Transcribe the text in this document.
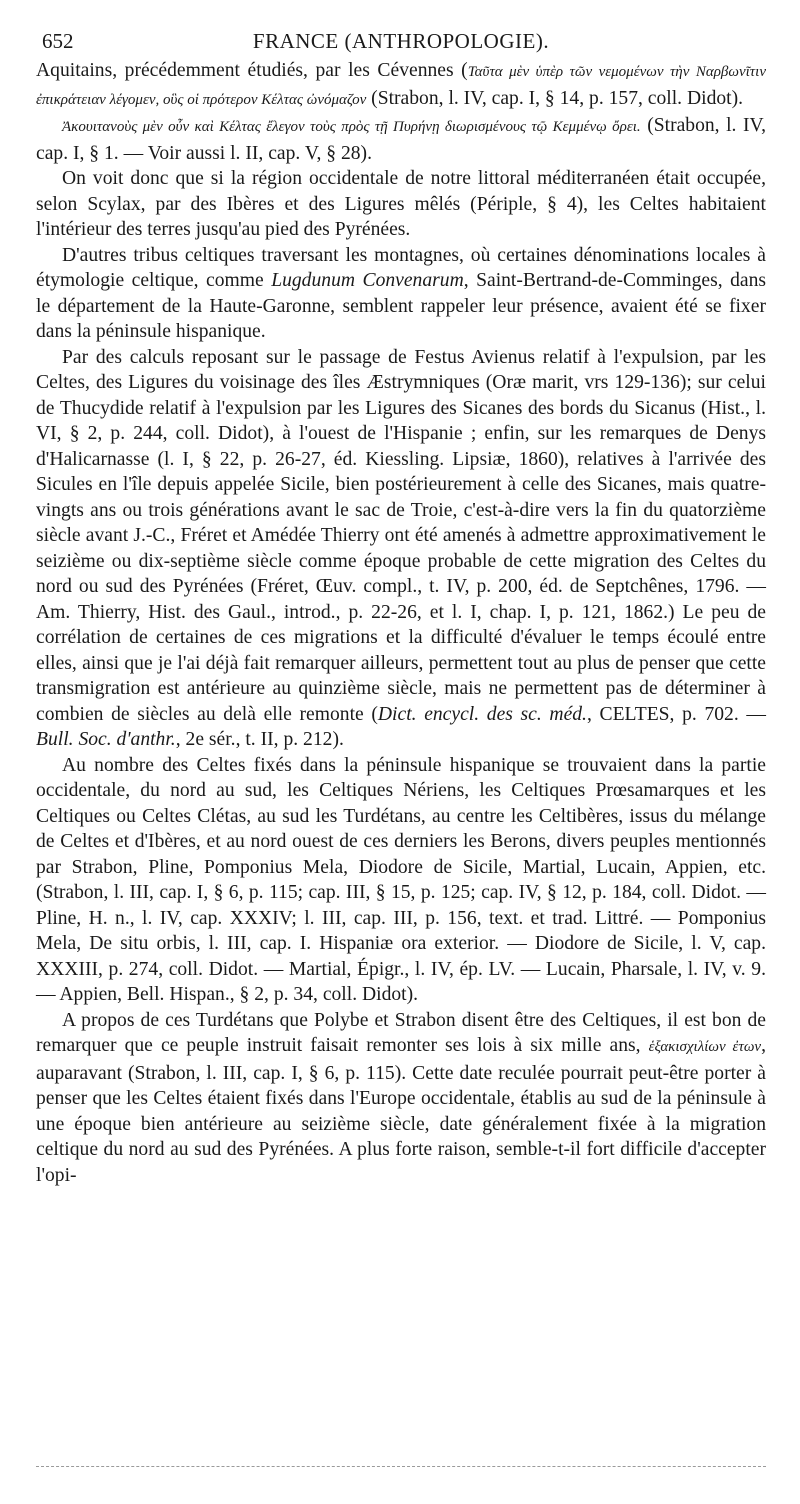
652	FRANCE (ANTHROPOLOGIE).

Aquitains, précédemment étudiés, par les Cévennes (Ταῦτα μὲν ὑπὲρ τῶν νεμομένων τὴν Ναρβωνῖτιν ἐπικράτειαν λέγομεν, οὓς οἱ πρότερον Κέλτας ὠνόμαζον (Strabon, l. IV, cap. I, § 14, p. 157, coll. Didot).

Ἀκουιτανοὺς μὲν οὖν καὶ Κέλτας ἔλεγον τοὺς πρὸς τῇ Πυρήνῃ διωρισμένους τῷ Κεμμένῳ ὄρει. (Strabon, l. IV, cap. I, § 1. — Voir aussi l. II, cap. V, § 28).

On voit donc que si la région occidentale de notre littoral méditerranéen était occupée, selon Scylax, par des Ibères et des Ligures mêlés (Périple, § 4), les Celtes habitaient l'intérieur des terres jusqu'au pied des Pyrénées.

D'autres tribus celtiques traversant les montagnes, où certaines dénominations locales à étymologie celtique, comme Lugdunum Convenarum, Saint-Bertrand-de-Comminges, dans le département de la Haute-Garonne, semblent rappeler leur présence, avaient été se fixer dans la péninsule hispanique.

Par des calculs reposant sur le passage de Festus Avienus relatif à l'expulsion, par les Celtes, des Ligures du voisinage des îles Æstrymniques (Oræ marit, vrs 129-136); sur celui de Thucydide relatif à l'expulsion par les Ligures des Sicanes des bords du Sicanus (Hist., l. VI, § 2, p. 244, coll. Didot), à l'ouest de l'Hispanie ; enfin, sur les remarques de Denys d'Halicarnasse (l. I, § 22, p. 26-27, éd. Kiessling. Lipsiæ, 1860), relatives à l'arrivée des Sicules en l'île depuis appelée Sicile, bien postérieurement à celle des Sicanes, mais quatre-vingts ans ou trois générations avant le sac de Troie, c'est-à-dire vers la fin du quatorzième siècle avant J.-C., Fréret et Amédée Thierry ont été amenés à admettre approximativement le seizième ou dix-septième siècle comme époque probable de cette migration des Celtes du nord ou sud des Pyrénées (Fréret, Œuv. compl., t. IV, p. 200, éd. de Septchênes, 1796. — Am. Thierry, Hist. des Gaul., introd., p. 22-26, et l. I, chap. I, p. 121, 1862.) Le peu de corrélation de certaines de ces migrations et la difficulté d'évaluer le temps écoulé entre elles, ainsi que je l'ai déjà fait remarquer ailleurs, permettent tout au plus de penser que cette transmigration est antérieure au quinzième siècle, mais ne permettent pas de déterminer à combien de siècles au delà elle remonte (Dict. encycl. des sc. méd., CELTES, p. 702. — Bull. Soc. d'anthr., 2e sér., t. II, p. 212).

Au nombre des Celtes fixés dans la péninsule hispanique se trouvaient dans la partie occidentale, du nord au sud, les Celtiques Nériens, les Celtiques Prœsamarques et les Celtiques ou Celtes Clétas, au sud les Turdétans, au centre les Celtibères, issus du mélange de Celtes et d'Ibères, et au nord ouest de ces derniers les Berons, divers peuples mentionnés par Strabon, Pline, Pomponius Mela, Diodore de Sicile, Martial, Lucain, Appien, etc. (Strabon, l. III, cap. I, § 6, p. 115; cap. III, § 15, p. 125; cap. IV, § 12, p. 184, coll. Didot. — Pline, H. n., l. IV, cap. XXXIV; l. III, cap. III, p. 156, text. et trad. Littré. — Pomponius Mela, De situ orbis, l. III, cap. I. Hispaniæ ora exterior. — Diodore de Sicile, l. V, cap. XXXIII, p. 274, coll. Didot. — Martial, Épigr., l. IV, ép. LV. — Lucain, Pharsale, l. IV, v. 9. — Appien, Bell. Hispan., § 2, p. 34, coll. Didot).

A propos de ces Turdétans que Polybe et Strabon disent être des Celtiques, il est bon de remarquer que ce peuple instruit faisait remonter ses lois à six mille ans, ἑξακισχιλίων ἐτων, auparavant (Strabon, l. III, cap. I, § 6, p. 115). Cette date reculée pourrait peut-être porter à penser que les Celtes étaient fixés dans l'Europe occidentale, établis au sud de la péninsule à une époque bien antérieure au seizième siècle, date généralement fixée à la migration celtique du nord au sud des Pyrénées. A plus forte raison, semble-t-il fort difficile d'accepter l'opi-
